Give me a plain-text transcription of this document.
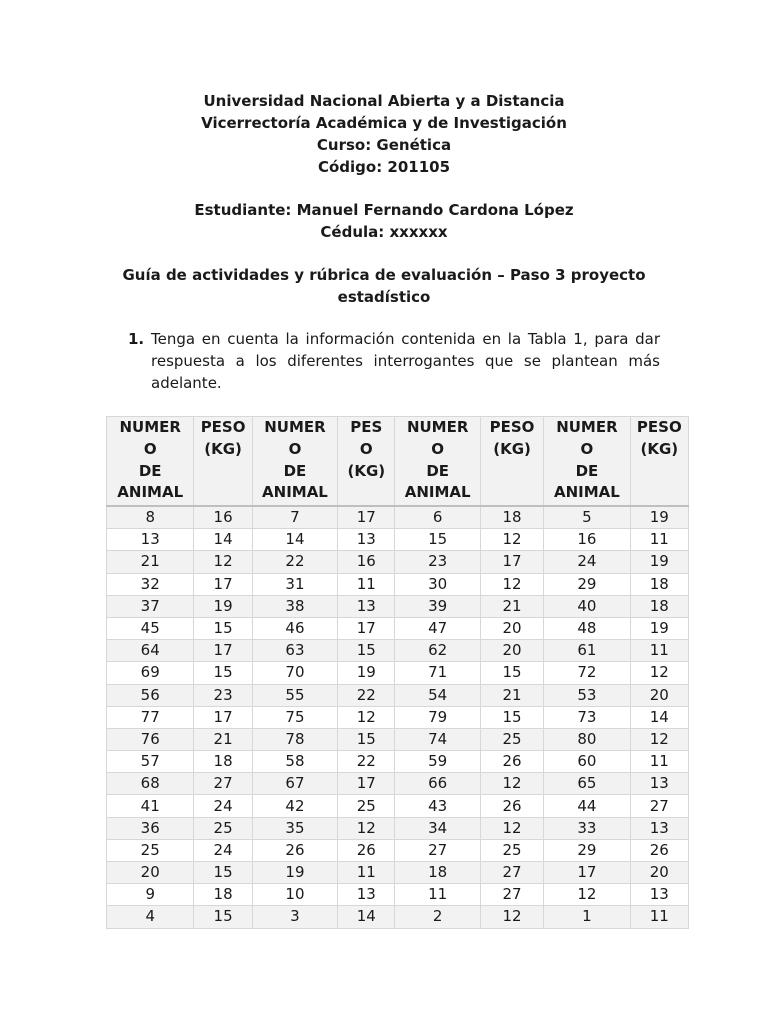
Universidad Nacional Abierta y a Distancia
Vicerrectoría Académica y de Investigación
Curso: Genética
Código: 201105
Estudiante: Manuel Fernando Cardona López
Cédula: xxxxxx
Guía de actividades y rúbrica de evaluación – Paso 3 proyecto estadístico
1. Tenga en cuenta la información contenida en la Tabla 1, para dar respuesta a los diferentes interrogantes que se plantean más adelante.
NUMER
O
DE
ANIMAL	PESO
(KG)	NUMER
O
DE
ANIMAL	PES
O
(KG)	NUMER
O
DE
ANIMAL	PESO
(KG)	NUMER
O
DE
ANIMAL	PESO
(KG)

8	16	7	17	6	18	5	19
13	14	14	13	15	12	16	11
21	12	22	16	23	17	24	19
32	17	31	11	30	12	29	18
37	19	38	13	39	21	40	18
45	15	46	17	47	20	48	19
64	17	63	15	62	20	61	11
69	15	70	19	71	15	72	12
56	23	55	22	54	21	53	20
77	17	75	12	79	15	73	14
76	21	78	15	74	25	80	12
57	18	58	22	59	26	60	11
68	27	67	17	66	12	65	13
41	24	42	25	43	26	44	27
36	25	35	12	34	12	33	13
25	24	26	26	27	25	29	26
20	15	19	11	18	27	17	20
9	18	10	13	11	27	12	13
4	15	3	14	2	12	1	11
